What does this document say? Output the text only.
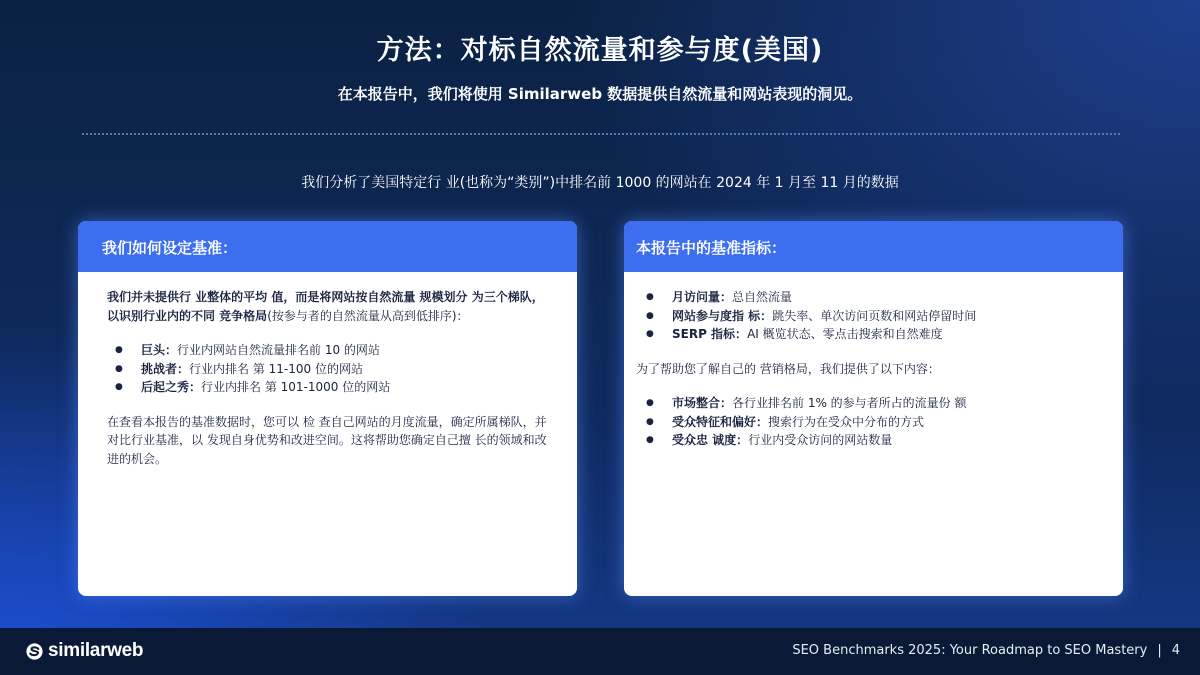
方法：对标自然流量和参与度(美国)
在本报告中，我们将使用 Similarweb 数据提供自然流量和网站表现的洞见。
我们分析了美国特定行 业(也称为“类别”)中排名前 1000 的网站在 2024 年 1 月至 11 月的数据
我们如何设定基准：

我们并未提供行 业整体的平均 值，而是将网站按自然流量 规模划分 为三个梯队，以识别行业内的不同 竞争格局(按参与者的自然流量从高到低排序)：

● 巨头：行业内网站自然流量排名前 10 的网站
● 挑战者：行业内排名 第 11-100 位的网站
● 后起之秀：行业内排名 第 101-1000 位的网站

在查看本报告的基准数据时，您可以 检 查自己网站的月度流量，确定所属梯队，并对比行业基准，以 发现自身优势和改进空间。这将帮助您确定自己擅 长的领域和改进的机会。

本报告中的基准指标：
● 月访问量：总自然流量
● 网站参与度指 标：跳失率、单次访问页数和网站停留时间
● SERP 指标：AI 概览状态、零点击搜索和自然难度

为了帮助您了解自己的 营销格局，我们提供了以下内容：

● 市场整合：各行业排名前 1% 的参与者所占的流量份 额
● 受众特征和偏好：搜索行为在受众中分布的方式
● 受众忠 诚度：行业内受众访问的网站数量
similarweb	SEO Benchmarks 2025: Your Roadmap to SEO Mastery | 4
